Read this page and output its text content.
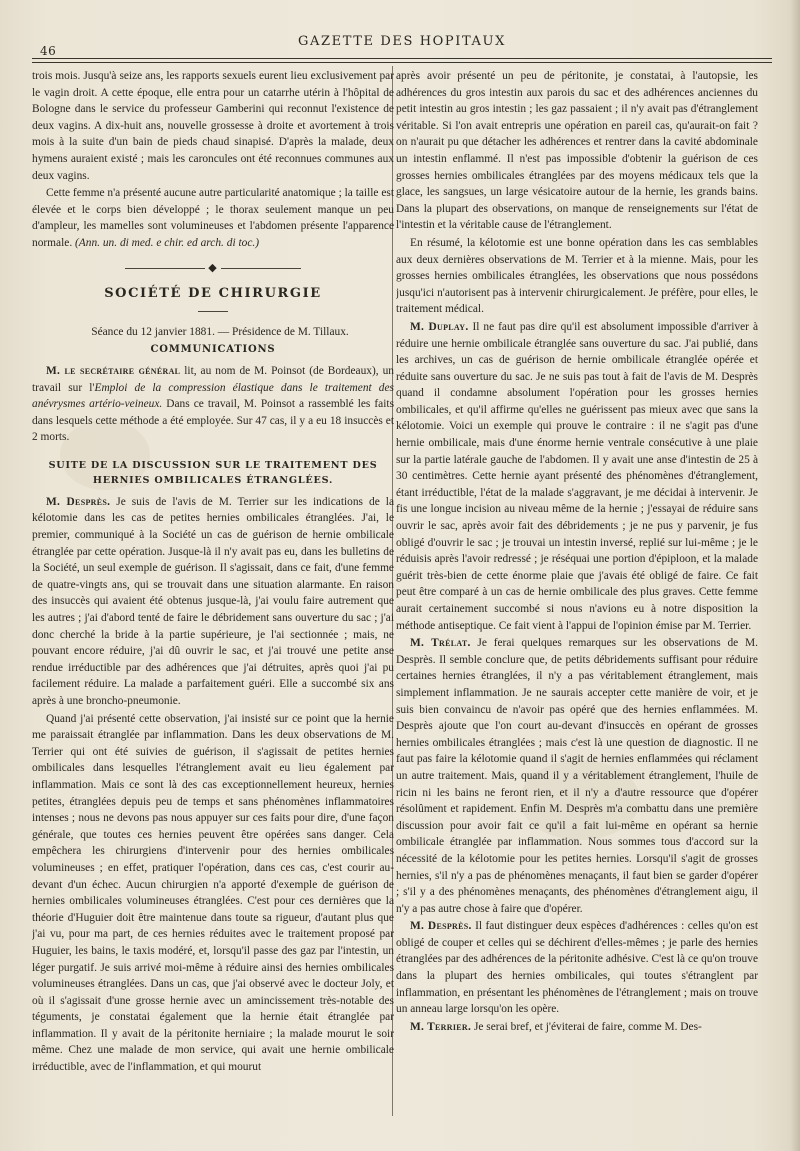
46
GAZETTE DES HOPITAUX

trois mois. Jusqu'à seize ans, les rapports sexuels eurent lieu exclusivement par le vagin droit. A cette époque, elle entra pour un catarrhe utérin à l'hôpital de Bologne dans le service du professeur Gamberini qui reconnut l'existence de deux vagins. A dix-huit ans, nouvelle grossesse à droite et avortement à trois mois à la suite d'un bain de pieds chaud sinapisé. D'après la malade, deux hymens auraient existé ; mais les caroncules ont été reconnues communes aux deux vagins.

Cette femme n'a présenté aucune autre particularité anatomique ; la taille est élevée et le corps bien développé ; le thorax seulement manque un peu d'ampleur, les mamelles sont volumineuses et l'abdomen présente l'apparence normale. (Ann. un. di med. e chir. ed arch. di toc.)

◆
SOCIÉTÉ DE CHIRURGIE

Séance du 12 janvier 1881. — Présidence de M. Tillaux.

COMMUNICATIONS

M. le secrétaire général lit, au nom de M. Poinsot (de Bordeaux), un travail sur l'Emploi de la compression élastique dans le traitement des anévrysmes artério-veineux. Dans ce travail, M. Poinsot a rassemblé les faits dans lesquels cette méthode a été employée. Sur 47 cas, il y a eu 18 insuccès et 2 morts.

SUITE DE LA DISCUSSION SUR LE TRAITEMENT DES HERNIES OMBILICALES ÉTRANGLÉES.

M. Desprès. Je suis de l'avis de M. Terrier sur les indications de la kélotomie dans les cas de petites hernies ombilicales étranglées. J'ai, le premier, communiqué à la Société un cas de guérison de hernie ombilicale étranglée par cette opération. Jusque-là il n'y avait pas eu, dans les bulletins de la Société, un seul exemple de guérison. Il s'agissait, dans ce fait, d'une femme de quatre-vingts ans, qui se trouvait dans une situation alarmante. En raison des insuccès qui avaient été obtenus jusque-là, j'ai voulu faire autrement que les autres ; j'ai d'abord tenté de faire le débridement sans ouverture du sac ; j'ai donc cherché la bride à la partie supérieure, je l'ai sectionnée ; mais, ne pouvant encore réduire, j'ai dû ouvrir le sac, et j'ai trouvé une petite anse rendue irréductible par des adhérences que j'ai détruites, après quoi j'ai pu facilement réduire. La malade a parfaitement guéri. Elle a succombé six ans après à une broncho-pneumonie.

Quand j'ai présenté cette observation, j'ai insisté sur ce point que la hernie me paraissait étranglée par inflammation. Dans les deux observations de M. Terrier qui ont été suivies de guérison, il s'agissait de petites hernies ombilicales dans lesquelles l'étranglement avait eu lieu également par inflammation. Mais ce sont là des cas exceptionnellement heureux, hernies petites, étranglées depuis peu de temps et sans phénomènes inflammatoires intenses ; nous ne devons pas nous appuyer sur ces faits pour dire, d'une façon générale, que toutes ces hernies peuvent être opérées sans danger. Cela empêchera les chirurgiens d'intervenir pour des hernies ombilicales volumineuses ; en effet, pratiquer l'opération, dans ces cas, c'est courir au-devant d'un échec. Aucun chirurgien n'a apporté d'exemple de guérison de hernies ombilicales volumineuses étranglées. C'est pour ces dernières que la théorie d'Huguier doit être maintenue dans toute sa rigueur, d'autant plus que j'ai vu, pour ma part, de ces hernies réduites avec le traitement proposé par Huguier, les bains, le taxis modéré, et, lorsqu'il passe des gaz par l'intestin, un léger purgatif. Je suis arrivé moi-même à réduire ainsi des hernies ombilicales volumineuses étranglées. Dans un cas, que j'ai observé avec le docteur Joly, et où il s'agissait d'une grosse hernie avec un amincissement très-notable des téguments, je constatai également que la hernie était étranglée par inflammation. Il y avait de la péritonite herniaire ; la malade mourut le soir même. Chez une malade de mon service, qui avait une hernie ombilicale irréductible, avec de l'inflammation, et qui mourut

après avoir présenté un peu de péritonite, je constatai, à l'autopsie, les adhérences du gros intestin aux parois du sac et des adhérences anciennes du petit intestin au gros intestin ; les gaz passaient ; il n'y avait pas d'étranglement véritable. Si l'on avait entrepris une opération en pareil cas, qu'aurait-on fait ? on n'aurait pu que détacher les adhérences et rentrer dans la cavité abdominale un intestin enflammé. Il n'est pas impossible d'obtenir la guérison de ces grosses hernies ombilicales étranglées par des moyens médicaux tels que la glace, les sangsues, un large vésicatoire autour de la hernie, les grands bains. Dans la plupart des observations, on manque de renseignements sur l'état de l'intestin et la véritable cause de l'étranglement.

En résumé, la kélotomie est une bonne opération dans les cas semblables aux deux dernières observations de M. Terrier et à la mienne. Mais, pour les grosses hernies ombilicales étranglées, les observations que nous possédons jusqu'ici n'autorisent pas à intervenir chirurgicalement. Je préfère, pour elles, le traitement médical.

M. Duplay. Il ne faut pas dire qu'il est absolument impossible d'arriver à réduire une hernie ombilicale étranglée sans ouverture du sac. J'ai publié, dans les archives, un cas de guérison de hernie ombilicale étranglée opérée et réduite sans ouverture du sac. Je ne suis pas tout à fait de l'avis de M. Desprès quand il condamne absolument l'opération pour les grosses hernies ombilicales, et qu'il affirme qu'elles ne guérissent pas mieux avec que sans la kélotomie. Voici un exemple qui prouve le contraire : il ne s'agit pas d'une hernie ombilicale, mais d'une énorme hernie ventrale consécutive à une plaie sur la partie latérale gauche de l'abdomen. Il y avait une anse d'intestin de 25 à 30 centimètres. Cette hernie ayant présenté des phénomènes d'étranglement, étant irréductible, l'état de la malade s'aggravant, je me décidai à intervenir. Je fis une longue incision au niveau même de la hernie ; j'essayai de réduire sans ouvrir le sac, après avoir fait des débridements ; je ne pus y parvenir, je fus obligé d'ouvrir le sac ; je trouvai un intestin inversé, replié sur lui-même ; je le réduisis après l'avoir redressé ; je réséquai une portion d'épiploon, et la malade guérit très-bien de cette énorme plaie que j'avais été obligé de faire. Ce fait peut être comparé à un cas de hernie ombilicale des plus graves. Cette femme aurait certainement succombé si nous n'avions eu à notre disposition la méthode antiseptique. Ce fait vient à l'appui de l'opinion émise par M. Terrier.

M. Trélat. Je ferai quelques remarques sur les observations de M. Desprès. Il semble conclure que, de petits débridements suffisant pour réduire certaines hernies étranglées, il n'y a pas véritablement étranglement, mais simplement inflammation. Je ne saurais accepter cette manière de voir, et je suis bien convaincu de n'avoir pas opéré que des hernies enflammées. M. Desprès ajoute que l'on court au-devant d'insuccès en opérant de grosses hernies ombilicales étranglées ; mais c'est là une question de diagnostic. Il ne faut pas faire la kélotomie quand il s'agit de hernies enflammées qui réclament un autre traitement. Mais, quand il y a véritablement étranglement, l'huile de ricin ni les bains ne feront rien, et il n'y a d'autre ressource que d'opérer résolûment et rapidement. Enfin M. Desprès m'a combattu dans une première discussion pour avoir fait ce qu'il a fait lui-même en opérant sa hernie ombilicale étranglée par inflammation. Nous sommes tous d'accord sur la nécessité de la kélotomie pour les petites hernies. Lorsqu'il s'agit de grosses hernies, s'il n'y a pas de phénomènes menaçants, il faut bien se garder d'opérer ; s'il y a des phénomènes menaçants, des phénomènes d'étranglement aigu, il n'y a pas autre chose à faire que d'opérer.

M. Desprès. Il faut distinguer deux espèces d'adhérences : celles qu'on est obligé de couper et celles qui se déchirent d'elles-mêmes ; je parle des hernies étranglées par des adhérences de la péritonite adhésive. C'est là ce qu'on trouve dans la plupart des hernies ombilicales, qui toutes s'étranglent par inflammation, en présentant les phénomènes de l'étranglement ; mais on trouve un anneau large lorsqu'on les opère.

M. Terrier. Je serai bref, et j'éviterai de faire, comme M. Des-
